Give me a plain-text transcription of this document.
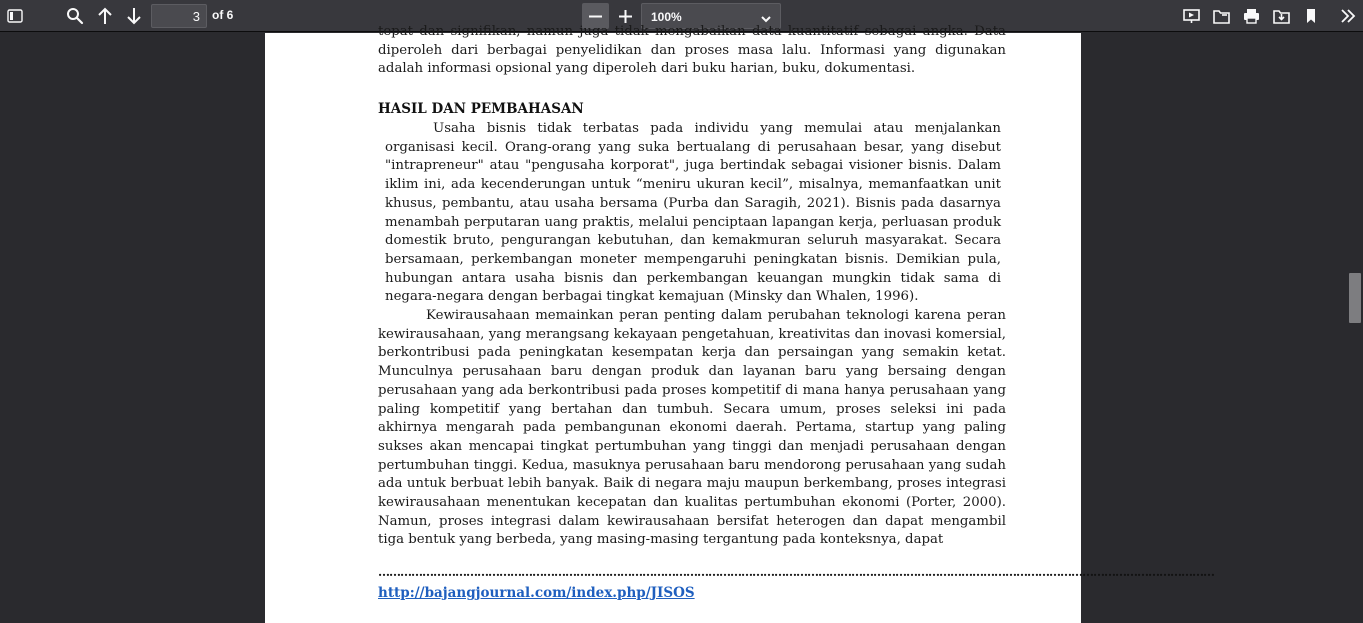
3
of 6	100%

tepat dan signifikan, namun juga tidak mengabaikan data kuantitatif sebagai angka. Data diperoleh dari berbagai penyelidikan dan proses masa lalu. Informasi yang digunakan adalah informasi opsional yang diperoleh dari buku harian, buku, dokumentasi.

HASIL DAN PEMBAHASAN

Usaha bisnis tidak terbatas pada individu yang memulai atau menjalankan organisasi kecil. Orang-orang yang suka bertualang di perusahaan besar, yang disebut "intrapreneur" atau "pengusaha korporat", juga bertindak sebagai visioner bisnis. Dalam iklim ini, ada kecenderungan untuk “meniru ukuran kecil”, misalnya, memanfaatkan unit khusus, pembantu, atau usaha bersama (Purba dan Saragih, 2021). Bisnis pada dasarnya menambah perputaran uang praktis, melalui penciptaan lapangan kerja, perluasan produk domestik bruto, pengurangan kebutuhan, dan kemakmuran seluruh masyarakat. Secara bersamaan, perkembangan moneter mempengaruhi peningkatan bisnis. Demikian pula, hubungan antara usaha bisnis dan perkembangan keuangan mungkin tidak sama di negara-negara dengan berbagai tingkat kemajuan (Minsky dan Whalen, 1996).

Kewirausahaan memainkan peran penting dalam perubahan teknologi karena peran kewirausahaan, yang merangsang kekayaan pengetahuan, kreativitas dan inovasi komersial, berkontribusi pada peningkatan kesempatan kerja dan persaingan yang semakin ketat. Munculnya perusahaan baru dengan produk dan layanan baru yang bersaing dengan perusahaan yang ada berkontribusi pada proses kompetitif di mana hanya perusahaan yang paling kompetitif yang bertahan dan tumbuh. Secara umum, proses seleksi ini pada akhirnya mengarah pada pembangunan ekonomi daerah. Pertama, startup yang paling sukses akan mencapai tingkat pertumbuhan yang tinggi dan menjadi perusahaan dengan pertumbuhan tinggi. Kedua, masuknya perusahaan baru mendorong perusahaan yang sudah ada untuk berbuat lebih banyak. Baik di negara maju maupun berkembang, proses integrasi kewirausahaan menentukan kecepatan dan kualitas pertumbuhan ekonomi (Porter, 2000). Namun, proses integrasi dalam kewirausahaan bersifat heterogen dan dapat mengambil tiga bentuk yang berbeda, yang masing-masing tergantung pada konteksnya, dapat

…………………………………………………………………………………………………………………………………………………………………………………………………………
http://bajangjournal.com/index.php/JISOS
